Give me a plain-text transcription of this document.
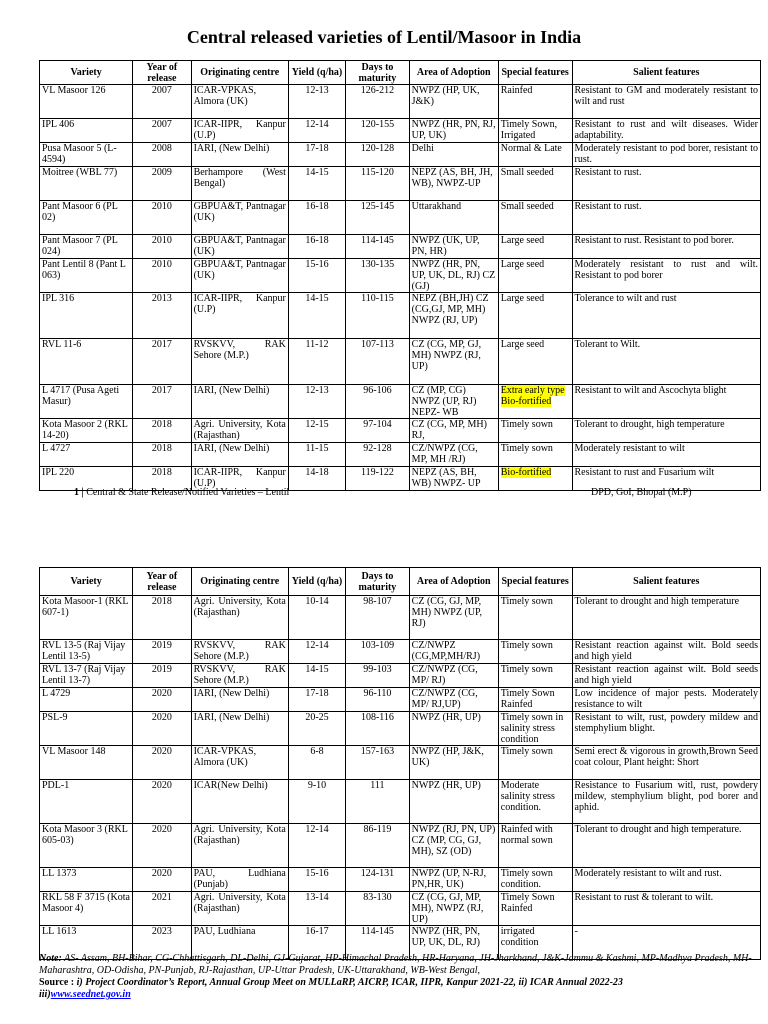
Central released varieties of Lentil/Masoor in India
Variety	Year of release	Originating centre	Yield (q/ha)	Days to maturity	Area of Adoption	Special features	Salient features
VL Masoor 126	2007	ICAR-VPKAS, Almora (UK)	12-13	126-212	NWPZ (HP, UK, J&K)	Rainfed	Resistant to GM and moderately resistant to wilt and rust
IPL 406	2007	ICAR-IIPR, Kanpur (U.P)	12-14	120-155	NWPZ (HR, PN, RJ, UP, UK)	Timely Sown, Irrigated	Resistant to rust and wilt diseases. Wider adaptability.
Pusa Masoor 5 (L-4594)	2008	IARI, (New Delhi)	17-18	120-128	Delhi	Normal & Late	Moderately resistant to pod borer, resistant to rust.
Moitree (WBL 77)	2009	Berhampore (West Bengal)	14-15	115-120	NEPZ (AS, BH, JH, WB), NWPZ-UP	Small seeded	Resistant to rust.
Pant Masoor 6 (PL 02)	2010	GBPUA&T, Pantnagar (UK)	16-18	125-145	Uttarakhand	Small seeded	Resistant to rust.
Pant Masoor 7 (PL 024)	2010	GBPUA&T, Pantnagar (UK)	16-18	114-145	NWPZ (UK, UP, PN, HR)	Large seed	Resistant to rust. Resistant to pod borer.
Pant Lentil 8 (Pant L 063)	2010	GBPUA&T, Pantnagar (UK)	15-16	130-135	NWPZ (HR, PN, UP, UK, DL, RJ) CZ (GJ)	Large seed	Moderately resistant to rust and wilt. Resistant to pod borer
IPL 316	2013	ICAR-IIPR, Kanpur (U.P)	14-15	110-115	NEPZ (BH,JH) CZ (CG,GJ, MP, MH) NWPZ (RJ, UP)	Large seed	Tolerance to wilt and rust
RVL 11-6	2017	RVSKVV, RAK Sehore (M.P.)	11-12	107-113	CZ (CG, MP, GJ, MH) NWPZ (RJ, UP)	Large seed	Tolerant to Wilt.
L 4717 (Pusa Ageti Masur)	2017	IARI, (New Delhi)	12-13	96-106	CZ (MP, CG) NWPZ (UP, RJ) NEPZ- WB	Extra early type Bio-fortified	Resistant to wilt and Ascochyta blight
Kota Masoor 2 (RKL 14-20)	2018	Agri. University, Kota (Rajasthan)	12-15	97-104	CZ (CG, MP, MH) RJ,	Timely sown	Tolerant to drought, high temperature
L 4727	2018	IARI, (New Delhi)	11-15	92-128	CZ/NWPZ (CG, MP, MH /RJ)	Timely sown	Moderately resistant to wilt
IPL 220	2018	ICAR-IIPR, Kanpur (U.P)	14-18	119-122	NEPZ (AS, BH, WB) NWPZ- UP	Bio-fortified	Resistant to rust and Fusarium wilt
1 | Central & State Release/Notified Varieties – Lentil	DPD, GoI, Bhopal (M.P)
Variety	Year of release	Originating centre	Yield (q/ha)	Days to maturity	Area of Adoption	Special features	Salient features
Kota Masoor-1 (RKL 607-1)	2018	Agri. University, Kota (Rajasthan)	10-14	98-107	CZ (CG, GJ, MP, MH) NWPZ (UP, RJ)	Timely sown	Tolerant to drought and high temperature
RVL 13-5 (Raj Vijay Lentil 13-5)	2019	RVSKVV, RAK Sehore (M.P.)	12-14	103-109	CZ/NWPZ (CG,MP,MH/RJ)	Timely sown	Resistant reaction against wilt. Bold seeds and high yield
RVL 13-7 (Raj Vijay Lentil 13-7)	2019	RVSKVV, RAK Sehore (M.P.)	14-15	99-103	CZ/NWPZ (CG, MP/ RJ)	Timely sown	Resistant reaction against wilt. Bold seeds and high yield
L 4729	2020	IARI, (New Delhi)	17-18	96-110	CZ/NWPZ (CG, MP/ RJ,UP)	Timely Sown Rainfed	Low incidence of major pests. Moderately resistance to wilt
PSL-9	2020	IARI, (New Delhi)	20-25	108-116	NWPZ (HR, UP)	Timely sown in salinity stress condition	Resistant to wilt, rust, powdery mildew and stemphylium blight.
VL Masoor 148	2020	ICAR-VPKAS, Almora (UK)	6-8	157-163	NWPZ (HP, J&K, UK)	Timely sown	Semi erect & vigorous in growth,Brown Seed coat colour, Plant height: Short
PDL-1	2020	ICAR(New Delhi)	9-10	111	NWPZ (HR, UP)	Moderate salinity stress condition.	Resistance to Fusarium witl, rust, powdery mildew, stemphylium blight, pod borer and aphid.
Kota Masoor 3 (RKL 605-03)	2020	Agri. University, Kota (Rajasthan)	12-14	86-119	NWPZ (RJ, PN, UP) CZ (MP, CG, GJ, MH), SZ (OD)	Rainfed with normal sown	Tolerant to drought and high temperature.
LL 1373	2020	PAU, Ludhiana (Punjab)	15-16	124-131	NWPZ (UP, N-RJ, PN,HR, UK)	Timely sown condition.	Moderately resistant to wilt and rust.
RKL 58 F 3715 (Kota Masoor 4)	2021	Agri. University, Kota (Rajasthan)	13-14	83-130	CZ (CG, GJ, MP, MH), NWPZ (RJ, UP)	Timely Sown Rainfed	Resistant to rust & tolerant to wilt.
LL 1613	2023	PAU, Ludhiana	16-17	114-145	NWPZ (HR, PN, UP, UK, DL, RJ)	irrigated condition	-

Note: AS- Assam, BH-Bihar, CG-Chhattisgarh, DL-Delhi, GJ-Gujarat, HP-Himachal Pradesh, HR-Haryana, JH-Jharkhand, J&K-Jammu & Kashmi, MP-Madhya Pradesh, MH-Maharashtra, OD-Odisha, PN-Punjab, RJ-Rajasthan, UP-Uttar Pradesh, UK-Uttarakhand, WB-West Bengal,

Source : i) Project Coordinator’s Report, Annual Group Meet on MULLaRP, AICRP, ICAR, IIPR, Kanpur 2021-22, ii) ICAR Annual 2022-23

iii)www.seednet.gov.in
